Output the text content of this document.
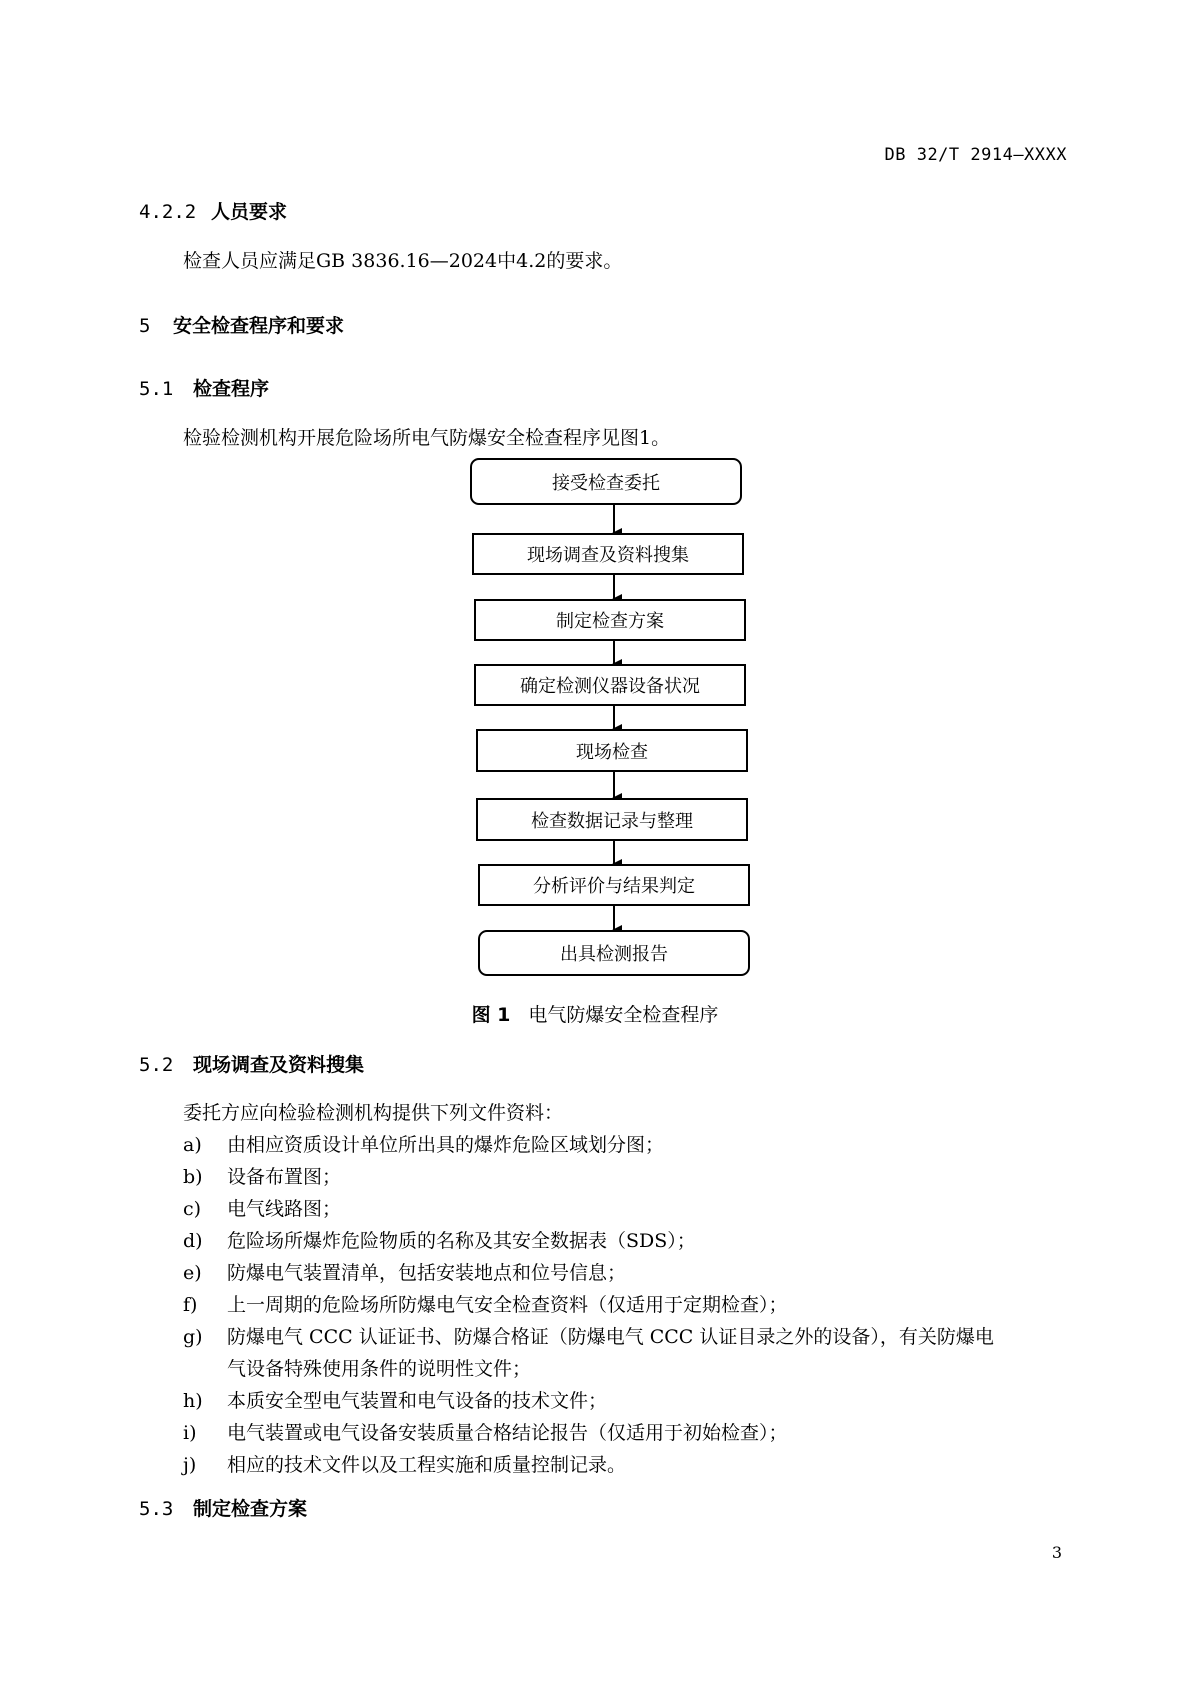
DB 32/T 2914—XXXX
4.2.2 人员要求
检查人员应满足GB 3836.16—2024中4.2的要求。
5 安全检查程序和要求
5.1 检查程序
检验检测机构开展危险场所电气防爆安全检查程序见图1。
接受检查委托
现场调查及资料搜集
制定检查方案
确定检测仪器设备状况
现场检查
检查数据记录与整理
分析评价与结果判定
出具检测报告
图 1 电气防爆安全检查程序
5.2 现场调查及资料搜集
委托方应向检验检测机构提供下列文件资料：
a) 由相应资质设计单位所出具的爆炸危险区域划分图；
b) 设备布置图；
c) 电气线路图；
d) 危险场所爆炸危险物质的名称及其安全数据表（SDS）；
e) 防爆电气装置清单，包括安装地点和位号信息；
f) 上一周期的危险场所防爆电气安全检查资料（仅适用于定期检查）；
g) 防爆电气 CCC 认证证书、防爆合格证（防爆电气 CCC 认证目录之外的设备），有关防爆电
气设备特殊使用条件的说明性文件；
h) 本质安全型电气装置和电气设备的技术文件；
i) 电气装置或电气设备安装质量合格结论报告（仅适用于初始检查）；
j) 相应的技术文件以及工程实施和质量控制记录。
5.3 制定检查方案
3
